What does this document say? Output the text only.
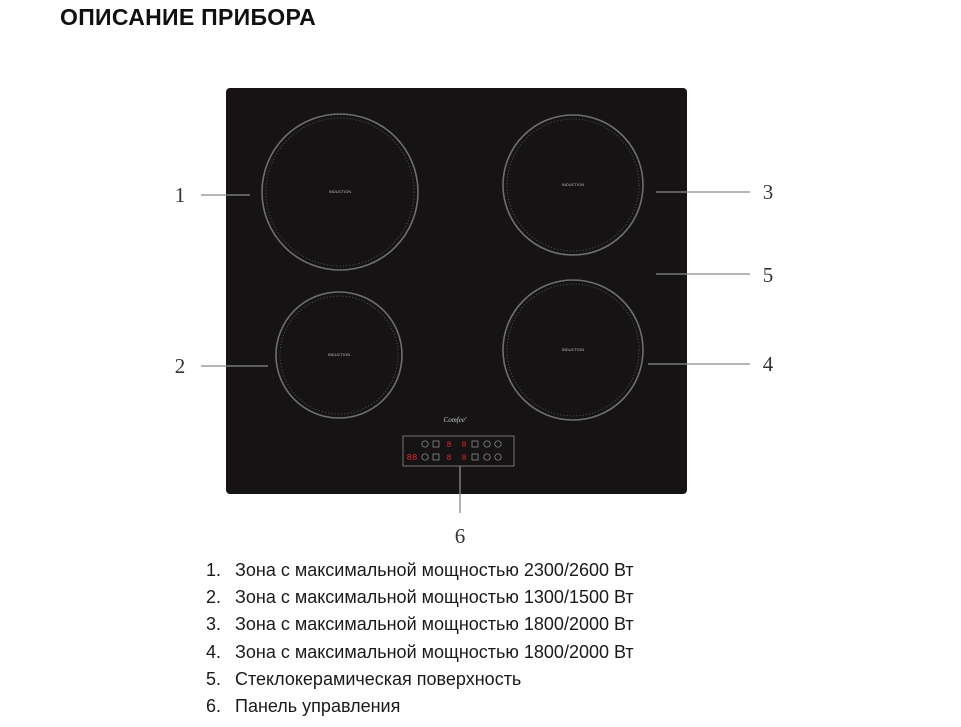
ОПИСАНИЕ ПРИБОРА
INDUCTION
INDUCTION
INDUCTION
INDUCTION
Comfee'
8 8
88	8 8
1
2
3
5
4
6
1. Зона с максимальной мощностью 2300/2600 Вт
2. Зона с максимальной мощностью 1300/1500 Вт
3. Зона с максимальной мощностью 1800/2000 Вт
4. Зона с максимальной мощностью 1800/2000 Вт
5. Стеклокерамическая поверхность
6. Панель управления
